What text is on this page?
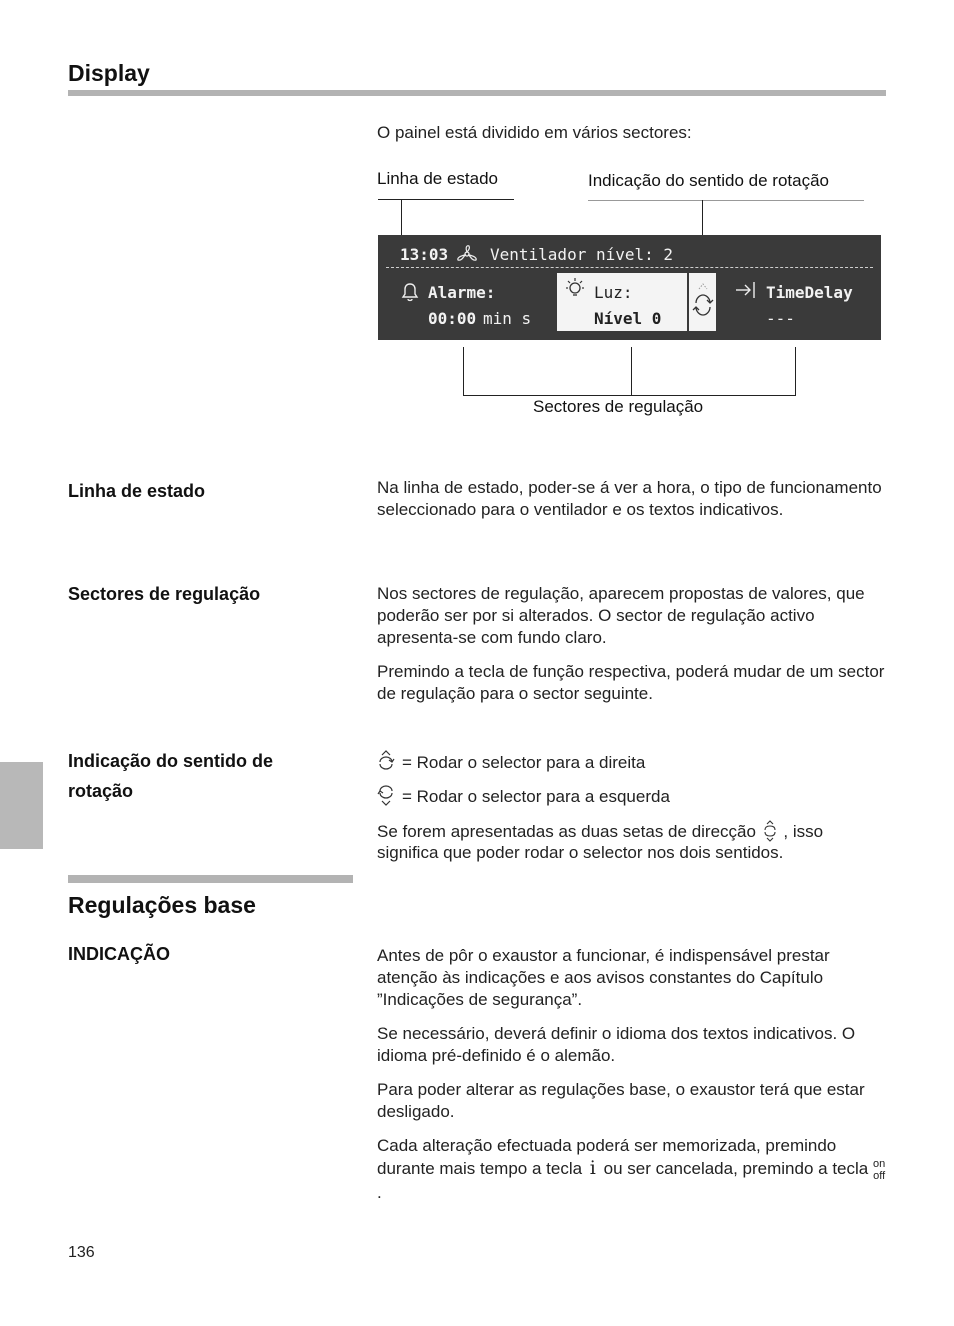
Display
O painel está dividido em vários sectores:
Linha de estado	Indicação do sentido de rotação
13:03	Ventilador nível: 2
Alarme:
00:00 min s
Luz:
Nível 0
TimeDelay
---
Sectores de regulação
Linha de estado	Na linha de estado, poder-se á ver a hora, o tipo de funcionamento seleccionado para o ventilador e os textos indicativos.
Sectores de regulação	Nos sectores de regulação, aparecem propostas de valores, que poderão ser por si alterados. O sector de regulação activo apresenta-se com fundo claro.
Premindo a tecla de função respectiva, poderá mudar de um sector de regulação para o sector seguinte.
Indicação do sentido de
rotação
= Rodar o selector para a direita
= Rodar o selector para a esquerda
Se forem apresentadas as duas setas de direcção , isso
significa que poder rodar o selector nos dois sentidos.
Regulações base
INDICAÇÃO	Antes de pôr o exaustor a funcionar, é indispensável prestar atenção às indicações e aos avisos constantes do Capítulo ”Indicações de segurança”.
Se necessário, deverá definir o idioma dos textos indicativos. O idioma pré-definido é o alemão.
Para poder alterar as regulações base, o exaustor terá que estar desligado.
Cada alteração efectuada poderá ser memorizada, premindo durante mais tempo a tecla i ou ser cancelada, premindo a tecla on
off.
136
